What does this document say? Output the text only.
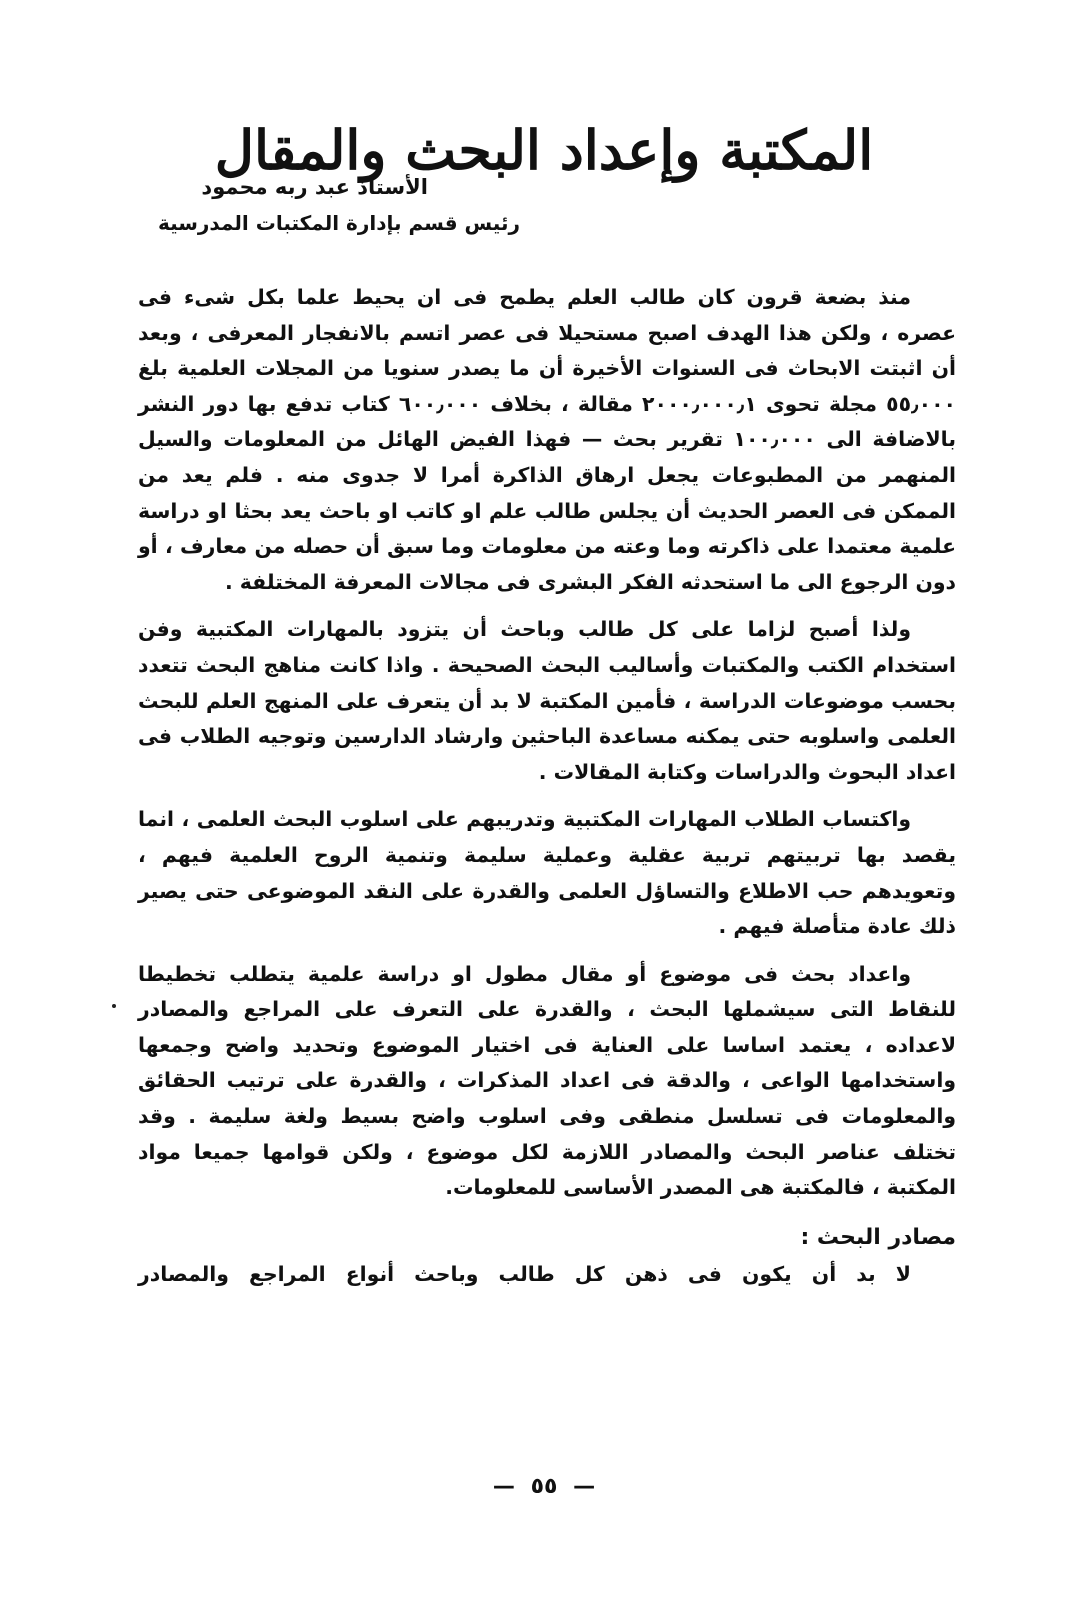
المكتبة وإعداد البحث والمقال
الأستاذ عبد ربه محمود
رئيس قسم بإدارة المكتبات المدرسية

منذ بضعة قرون كان طالب العلم يطمح فى ان يحيط علما بكل شىء فى عصره ، ولكن هذا الهدف اصبح مستحيلا فى عصر اتسم بالانفجار المعرفى ، وبعد أن اثبتت الابحاث فى السنوات الأخيرة أن ما يصدر سنويا من المجلات العلمية بلغ ٥٥٫٠٠٠ مجلة تحوى ٢٠٠٠٫٠٠٠٫١ مقالة ، بخلاف ٦٠٠٫٠٠٠ كتاب تدفع بها دور النشر بالاضافة الى ١٠٠٫٠٠٠ تقرير بحث — فهذا الفيض الهائل من المعلومات والسيل المنهمر من المطبوعات يجعل ارهاق الذاكرة أمرا لا جدوى منه . فلم يعد من الممكن فى العصر الحديث أن يجلس طالب علم او كاتب او باحث يعد بحثا او دراسة علمية معتمدا على ذاكرته وما وعته من معلومات وما سبق أن حصله من معارف ، أو دون الرجوع الى ما استحدثه الفكر البشرى فى مجالات المعرفة المختلفة .

ولذا أصبح لزاما على كل طالب وباحث أن يتزود بالمهارات المكتبية وفن استخدام الكتب والمكتبات وأساليب البحث الصحيحة . واذا كانت مناهج البحث تتعدد بحسب موضوعات الدراسة ، فأمين المكتبة لا بد أن يتعرف على المنهج العلم للبحث العلمى واسلوبه حتى يمكنه مساعدة الباحثين وارشاد الدارسين وتوجيه الطلاب فى اعداد البحوث والدراسات وكتابة المقالات .

واكتساب الطلاب المهارات المكتبية وتدريبهم على اسلوب البحث العلمى ، انما يقصد بها تربيتهم تربية عقلية وعملية سليمة وتنمية الروح العلمية فيهم ، وتعويدهم حب الاطلاع والتساؤل العلمى والقدرة على النقد الموضوعى حتى يصير ذلك عادة متأصلة فيهم .

واعداد بحث فى موضوع أو مقال مطول او دراسة علمية يتطلب تخطيطا للنقاط التى سيشملها البحث ، والقدرة على التعرف على المراجع والمصادر لاعداده ، يعتمد اساسا على العناية فى اختيار الموضوع وتحديد واضح وجمعها واستخدامها الواعى ، والدقة فى اعداد المذكرات ، والقدرة على ترتيب الحقائق والمعلومات فى تسلسل منطقى وفى اسلوب واضح بسيط ولغة سليمة . وقد تختلف عناصر البحث والمصادر اللازمة لكل موضوع ، ولكن قوامها جميعا مواد المكتبة ، فالمكتبة هى المصدر الأساسى للمعلومات.

مصادر البحث :

لا بد أن يكون فى ذهن كل طالب وباحث أنواع المراجع والمصادر

— ٥٥ —
